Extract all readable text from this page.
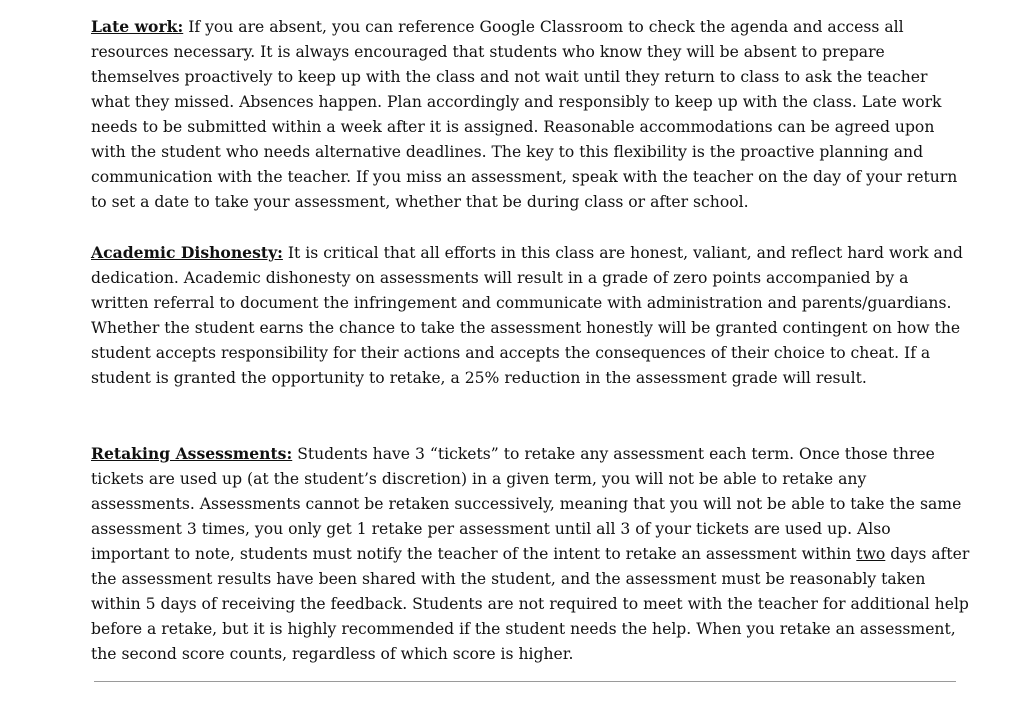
Late work: If you are absent, you can reference Google Classroom to check the agenda and access all resources necessary. It is always encouraged that students who know they will be absent to prepare themselves proactively to keep up with the class and not wait until they return to class to ask the teacher what they missed. Absences happen. Plan accordingly and responsibly to keep up with the class. Late work needs to be submitted within a week after it is assigned. Reasonable accommodations can be agreed upon with the student who needs alternative deadlines. The key to this flexibility is the proactive planning and communication with the teacher. If you miss an assessment, speak with the teacher on the day of your return to set a date to take your assessment, whether that be during class or after school.

Academic Dishonesty: It is critical that all efforts in this class are honest, valiant, and reflect hard work and dedication. Academic dishonesty on assessments will result in a grade of zero points accompanied by a written referral to document the infringement and communicate with administration and parents/guardians. Whether the student earns the chance to take the assessment honestly will be granted contingent on how the student accepts responsibility for their actions and accepts the consequences of their choice to cheat. If a student is granted the opportunity to retake, a 25% reduction in the assessment grade will result.

Retaking Assessments: Students have 3 “tickets” to retake any assessment each term. Once those three tickets are used up (at the student’s discretion) in a given term, you will not be able to retake any assessments. Assessments cannot be retaken successively, meaning that you will not be able to take the same assessment 3 times, you only get 1 retake per assessment until all 3 of your tickets are used up. Also important to note, students must notify the teacher of the intent to retake an assessment within two days after the assessment results have been shared with the student, and the assessment must be reasonably taken within 5 days of receiving the feedback. Students are not required to meet with the teacher for additional help before a retake, but it is highly recommended if the student needs the help. When you retake an assessment, the second score counts, regardless of which score is higher.
